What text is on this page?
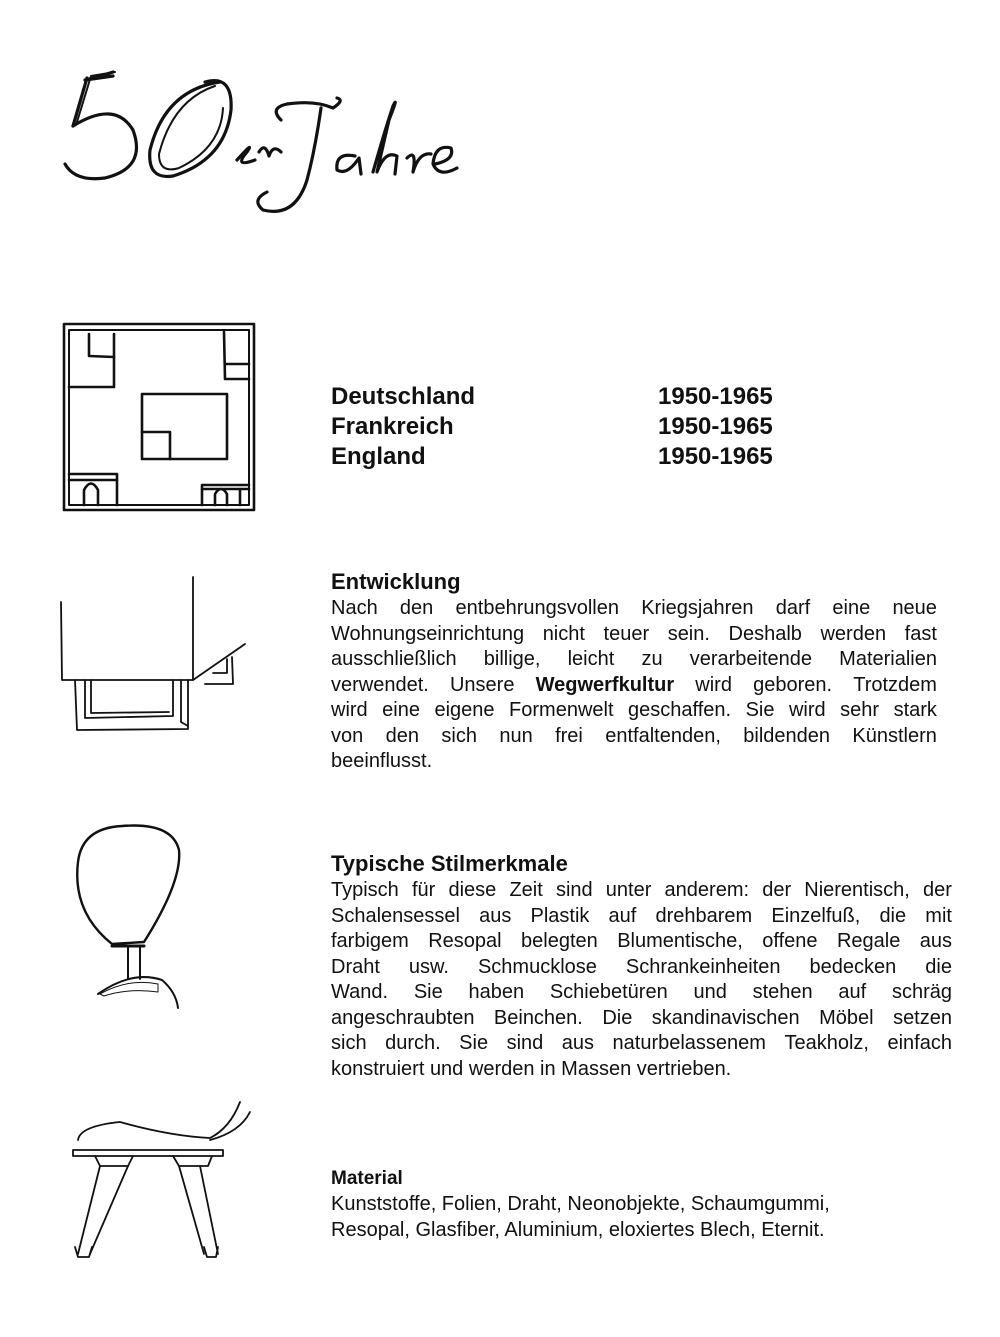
Deutschland	1950-1965
Frankreich	1950-1965
England	1950-1965
Entwicklung
Nach den entbehrungsvollen Kriegsjahren darf eine neue
Wohnungseinrichtung nicht teuer sein. Deshalb werden fast
ausschließlich billige, leicht zu verarbeitende Materialien
verwendet. Unsere Wegwerfkultur wird geboren. Trotzdem
wird eine eigene Formenwelt geschaffen. Sie wird sehr stark
von den sich nun frei entfaltenden, bildenden Künstlern
beeinflusst.
Typische Stilmerkmale
Typisch für diese Zeit sind unter anderem: der Nierentisch, der
Schalensessel aus Plastik auf drehbarem Einzelfuß, die mit
farbigem Resopal belegten Blumentische, offene Regale aus
Draht usw. Schmucklose Schrankeinheiten bedecken die
Wand. Sie haben Schiebetüren und stehen auf schräg
angeschraubten Beinchen. Die skandinavischen Möbel setzen
sich durch. Sie sind aus naturbelassenem Teakholz, einfach
konstruiert und werden in Massen vertrieben.
Material
Kunststoffe, Folien, Draht, Neonobjekte, Schaumgummi,
Resopal, Glasfiber, Aluminium, eloxiertes Blech, Eternit.
